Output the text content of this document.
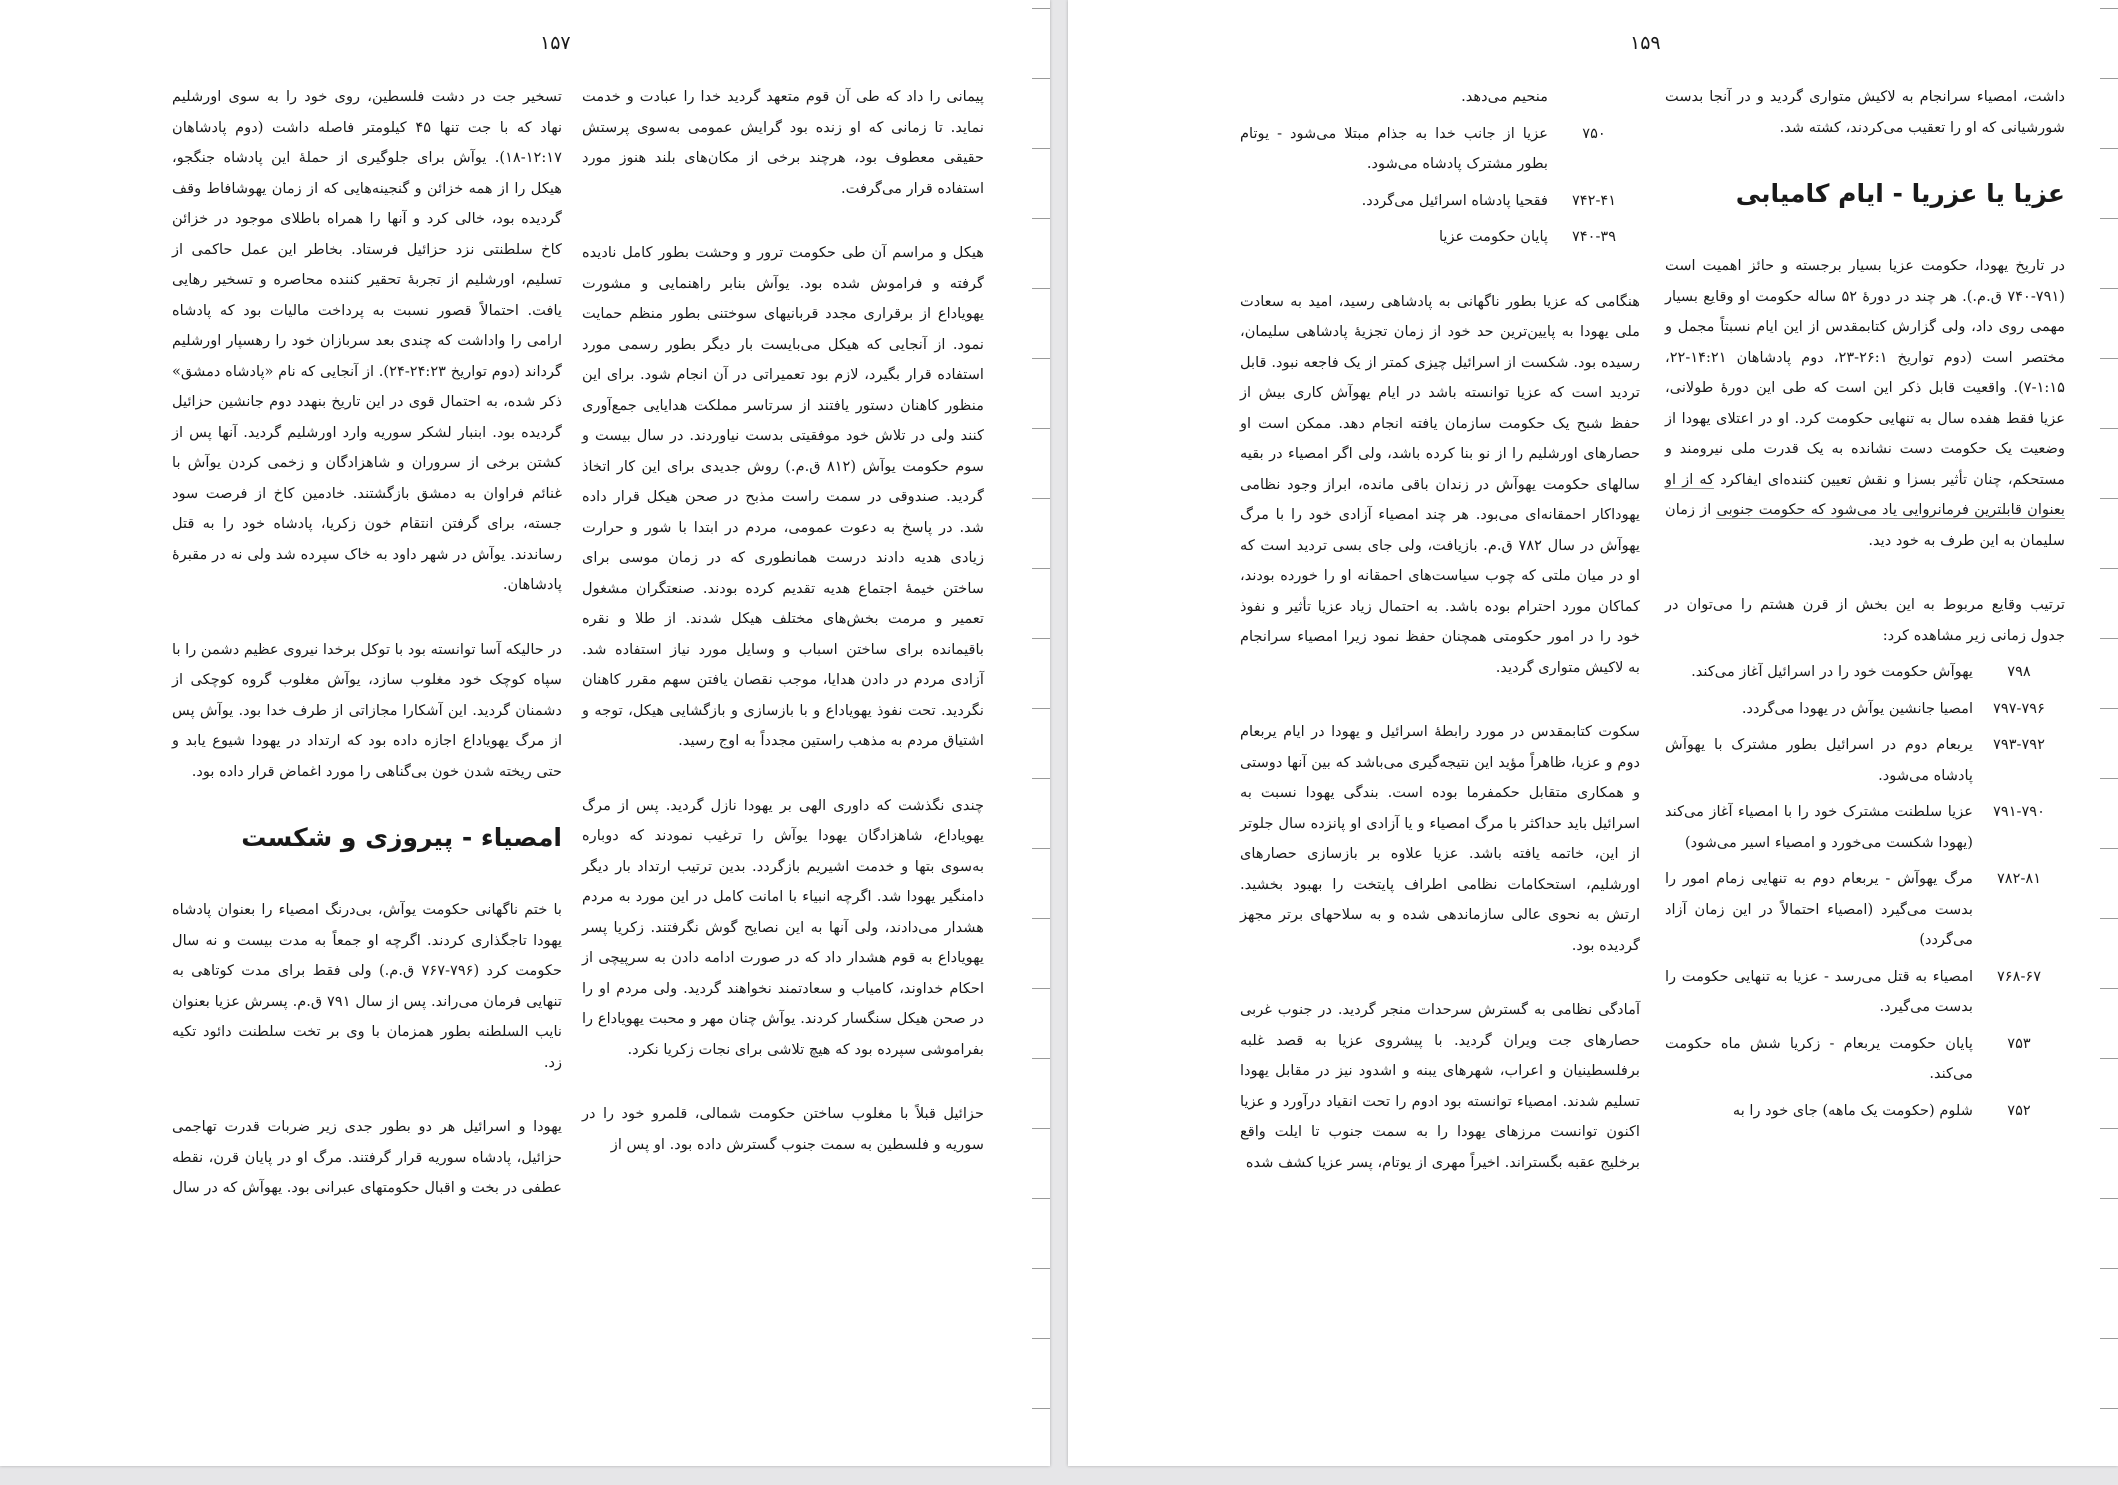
۱۵۷

پیمانی را داد که طی آن قوم متعهد گردید خدا را عبادت و خدمت نماید. تا زمانی که او زنده بود گرایش عمومی به‌سوی پرستش حقیقی معطوف بود، هرچند برخی از مکان‌های بلند هنوز مورد استفاده قرار می‌گرفت.

هیکل و مراسم آن طی حکومت ترور و وحشت بطور کامل نادیده گرفته و فراموش شده بود. یوآش بنابر راهنمایی و مشورت یهویاداع از برقراری مجدد قربانیهای سوختنی بطور منظم حمایت نمود. از آنجایی که هیکل می‌بایست بار دیگر بطور رسمی مورد استفاده قرار بگیرد، لازم بود تعمیراتی در آن انجام شود. برای این منظور کاهنان دستور یافتند از سرتاسر مملکت هدایایی جمع‌آوری کنند ولی در تلاش خود موفقیتی بدست نیاوردند. در سال بیست و سوم حکومت یوآش (۸۱۲ ق.م.) روش جدیدی برای این کار اتخاذ گردید. صندوقی در سمت راست مذبح در صحن هیکل قرار داده شد. در پاسخ به دعوت عمومی، مردم در ابتدا با شور و حرارت زیادی هدیه دادند درست همانطوری که در زمان موسی برای ساختن خیمهٔ اجتماع هدیه تقدیم کرده بودند. صنعتگران مشغول تعمیر و مرمت بخش‌های مختلف هیکل شدند. از طلا و نقره باقیمانده برای ساختن اسباب و وسایل مورد نیاز استفاده شد. آزادی مردم در دادن هدایا، موجب نقصان یافتن سهم مقرر کاهنان نگردید. تحت نفوذ یهویاداع و با بازسازی و بازگشایی هیکل، توجه و اشتیاق مردم به مذهب راستین مجدداً به اوج رسید.

چندی نگذشت که داوری الهی بر یهودا نازل گردید. پس از مرگ یهویاداع، شاهزادگان یهودا یوآش را ترغیب نمودند که دوباره به‌سوی بتها و خدمت اشیریم بازگردد. بدین ترتیب ارتداد بار دیگر دامنگیر یهودا شد. اگرچه انبیاء با امانت کامل در این مورد به مردم هشدار می‌دادند، ولی آنها به این نصایح گوش نگرفتند. زکریا پسر یهویاداع به قوم هشدار داد که در صورت ادامه دادن به سرپیچی از احکام خداوند، کامیاب و سعادتمند نخواهند گردید. ولی مردم او را در صحن هیکل سنگسار کردند. یوآش چنان مهر و محبت یهویاداع را بفراموشی سپرده بود که هیچ تلاشی برای نجات زکریا نکرد.

حزائیل قبلاً با مغلوب ساختن حکومت شمالی، قلمرو خود را در سوریه و فلسطین به سمت جنوب گسترش داده بود. او پس از

تسخیر جت در دشت فلسطین، روی خود را به سوی اورشلیم نهاد که با جت تنها ۴۵ کیلومتر فاصله داشت (دوم پادشاهان ۱۲:۱۷-۱۸). یوآش برای جلوگیری از حملهٔ این پادشاه جنگجو، هیکل را از همه خزائن و گنجینه‌هایی که از زمان یهوشافاط وقف گردیده بود، خالی کرد و آنها را همراه باطلای موجود در خزائن کاخ سلطنتی نزد حزائیل فرستاد. بخاطر این عمل حاکمی از تسلیم، اورشلیم از تجربهٔ تحقیر کننده محاصره و تسخیر رهایی یافت. احتمالاً قصور نسبت به پرداخت مالیات بود که پادشاه ارامی را واداشت که چندی بعد سربازان خود را رهسپار اورشلیم گرداند (دوم تواریخ ۲۴:۲۳-۲۴). از آنجایی که نام «پادشاه دمشق» ذکر شده، به احتمال قوی در این تاریخ بنهدد دوم جانشین حزائیل گردیده بود. ابنبار لشکر سوریه وارد اورشلیم گردید. آنها پس از کشتن برخی از سروران و شاهزادگان و زخمی کردن یوآش با غنائم فراوان به دمشق بازگشتند. خادمین کاخ از فرصت سود جسته، برای گرفتن انتقام خون زکریا، پادشاه خود را به قتل رساندند. یوآش در شهر داود به خاک سپرده شد ولی نه در مقبرهٔ پادشاهان.

در حالیکه آسا توانسته بود با توکل برخدا نیروی عظیم دشمن را با سپاه کوچک خود مغلوب سازد، یوآش مغلوب گروه کوچکی از دشمنان گردید. این آشکارا مجازاتی از طرف خدا بود. یوآش پس از مرگ یهویاداع اجازه داده بود که ارتداد در یهودا شیوع یابد و حتی ریخته شدن خون بی‌گناهی را مورد اغماض قرار داده بود.

امصیاء - پیروزی و شکست

با ختم ناگهانی حکومت یوآش، بی‌درنگ امصیاء را بعنوان پادشاه یهودا تاجگذاری کردند. اگرچه او جمعاً به مدت بیست و نه سال حکومت کرد (۷۹۶-۷۶۷ ق.م.) ولی فقط برای مدت کوتاهی به تنهایی فرمان می‌راند. پس از سال ۷۹۱ ق.م. پسرش عزیا بعنوان نایب السلطنه بطور همزمان با وی بر تخت سلطنت دائود تکیه زد.

یهودا و اسرائیل هر دو بطور جدی زیر ضربات قدرت تهاجمی حزائیل، پادشاه سوریه قرار گرفتند. مرگ او در پایان قرن، نقطه عطفی در بخت و اقبال حکومتهای عبرانی بود. یهوآش که در سال

۱۵۹

داشت، امصیاء سرانجام به لاکیش متواری گردید و در آنجا بدست شورشیانی که او را تعقیب می‌کردند، کشته شد.

عزیا یا عزریا - ایام کامیابی

در تاریخ یهودا، حکومت عزیا بسیار برجسته و حائز اهمیت است (۷۹۱-۷۴۰ ق.م.). هر چند در دورهٔ ۵۲ ساله حکومت او وقایع بسیار مهمی روی داد، ولی گزارش کتابمقدس از این ایام نسبتاً مجمل و مختصر است (دوم تواریخ ۲۶:۱-۲۳، دوم پادشاهان ۱۴:۲۱-۲۲، ۱:۱۵-۷). واقعیت قابل ذکر این است که طی این دورهٔ طولانی، عزیا فقط هفده سال به تنهایی حکومت کرد. او در اعتلای یهودا از وضعیت یک حکومت دست نشانده به یک قدرت ملی نیرومند و مستحکم، چنان تأثیر بسزا و نقش تعیین کننده‌ای ایفاکرد که از او بعنوان قابلترین فرمانروایی یاد می‌شود که حکومت جنوبی از زمان سلیمان به این طرف به خود دید.

ترتیب وقایع مربوط به این بخش از قرن هشتم را می‌توان در جدول زمانی زیر مشاهده کرد:

۷۹۸
یهوآش حکومت خود را در اسرائیل آغاز می‌کند.
۷۹۷-۷۹۶
امصیا جانشین یوآش در یهودا می‌گردد.
۷۹۳-۷۹۲
یربعام دوم در اسرائیل بطور مشترک با یهوآش پادشاه می‌شود.
۷۹۱-۷۹۰
عزیا سلطنت مشترک خود را با امصیاء آغاز می‌کند (یهودا شکست می‌خورد و امصیاء اسیر می‌شود)
۷۸۲-۸۱
مرگ یهوآش - یربعام دوم به تنهایی زمام امور را بدست می‌گیرد (امصیاء احتمالاً در این زمان آزاد می‌گردد)
۷۶۸-۶۷
امصیاء به قتل می‌رسد - عزیا به تنهایی حکومت را بدست می‌گیرد.
۷۵۳
پایان حکومت یربعام - زکریا شش ماه حکومت می‌کند.
۷۵۲
شلوم (حکومت یک ماهه) جای خود را به
منحیم می‌دهد.
۷۵۰
عزیا از جانب خدا به جذام مبتلا می‌شود - یوتام بطور مشترک پادشاه می‌شود.
۷۴۲-۴۱
فقحیا پادشاه اسرائیل می‌گردد.
۷۴۰-۳۹
پایان حکومت عزیا

هنگامی که عزیا بطور ناگهانی به پادشاهی رسید، امید به سعادت ملی یهودا به پایین‌ترین حد خود از زمان تجزیهٔ پادشاهی سلیمان، رسیده بود. شکست از اسرائیل چیزی کمتر از یک فاجعه نبود. قابل تردید است که عزیا توانسته باشد در ایام یهوآش کاری بیش از حفظ شبح یک حکومت سازمان یافته انجام دهد. ممکن است او حصارهای اورشلیم را از نو بنا کرده باشد، ولی اگر امصیاء در بقیه سالهای حکومت یهوآش در زندان باقی مانده، ابراز وجود نظامی یهوداکار احمقانه‌ای می‌بود. هر چند امصیاء آزادی خود را با مرگ یهوآش در سال ۷۸۲ ق.م. بازیافت، ولی جای بسی تردید است که او در میان ملتی که چوب سیاست‌های احمقانه او را خورده بودند، کماکان مورد احترام بوده باشد. به احتمال زیاد عزیا تأثیر و نفوذ خود را در امور حکومتی همچنان حفظ نمود زیرا امصیاء سرانجام به لاکیش متواری گردید.

سکوت کتابمقدس در مورد رابطهٔ اسرائیل و یهودا در ایام یربعام دوم و عزیا، ظاهراً مؤید این نتیجه‌گیری می‌باشد که بین آنها دوستی و همکاری متقابل حکمفرما بوده است. بندگی یهودا نسبت به اسرائیل باید حداکثر با مرگ امصیاء و یا آزادی او پانزده سال جلوتر از این، خاتمه یافته باشد. عزیا علاوه بر بازسازی حصارهای اورشلیم، استحکامات نظامی اطراف پایتخت را بهبود بخشید. ارتش به نحوی عالی سازماندهی شده و به سلاحهای برتر مجهز گردیده بود.

آمادگی نظامی به گسترش سرحدات منجر گردید. در جنوب غربی حصارهای جت ویران گردید. با پیشروی عزیا به قصد غلبه برفلسطینیان و اعراب، شهرهای یبنه و اشدود نیز در مقابل یهودا تسلیم شدند. امصیاء توانسته بود ادوم را تحت انقیاد درآورد و عزیا اکنون توانست مرزهای یهودا را به سمت جنوب تا ایلت واقع برخلیج عقبه بگستراند. اخیراً مهری از یوتام، پسر عزیا کشف شده
